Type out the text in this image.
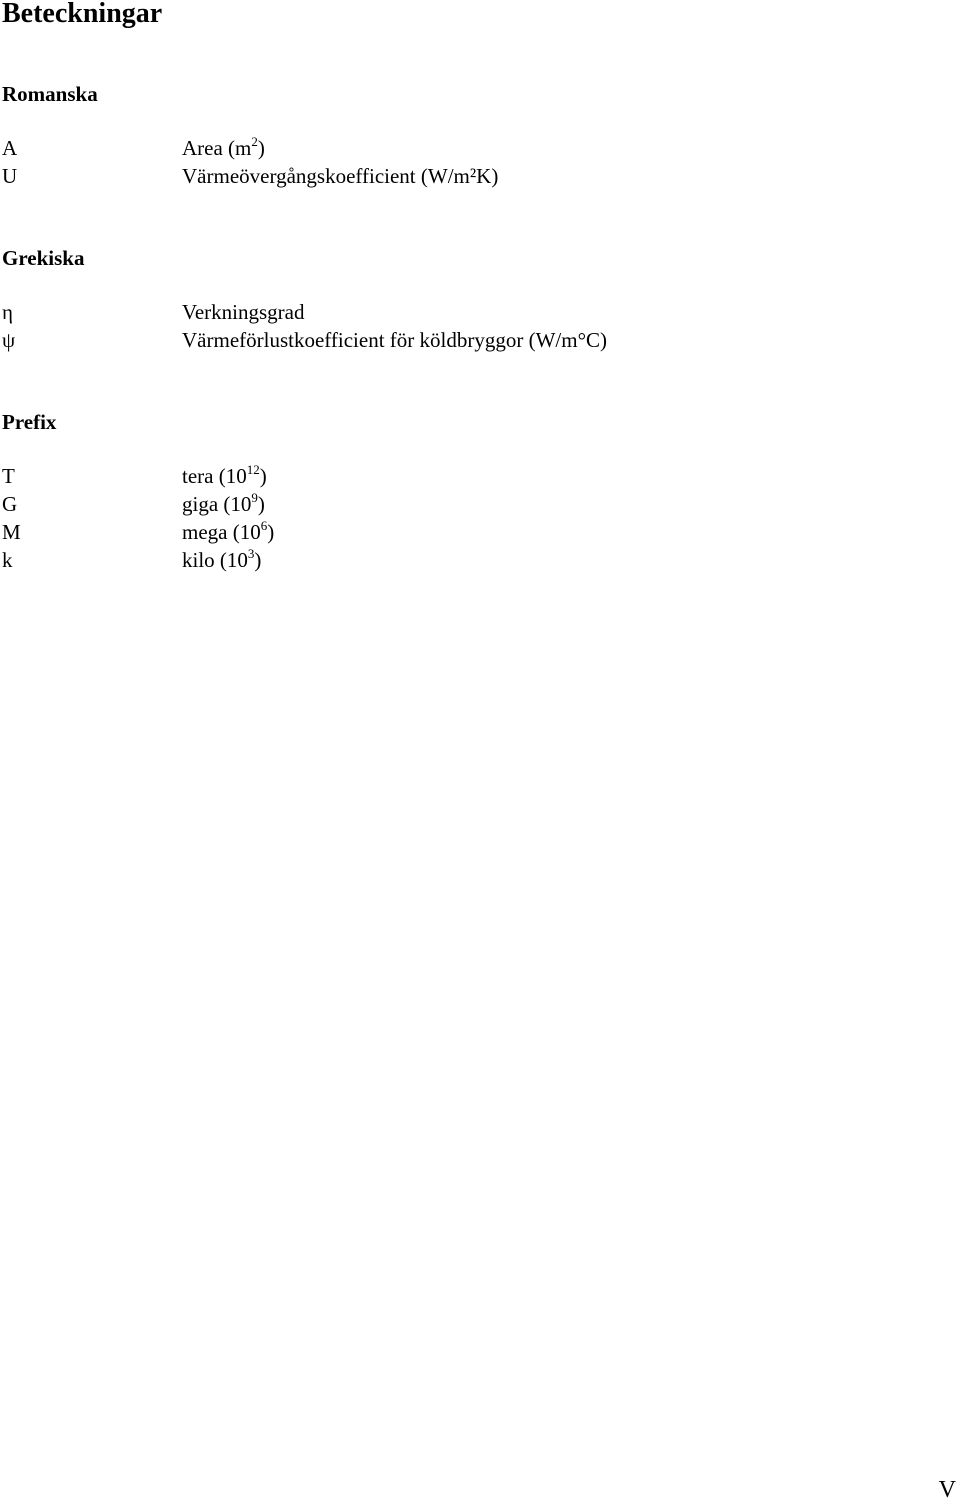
Beteckningar
Romanska
A	Area $(m^2)$
U	Värmeövergångskoefficient (W/m²K)
Grekiska
η	Verkningsgrad
ψ	Värmeförlustkoefficient för köldbryggor (W/m°C)
Prefix
T	tera $(10^{12})$
G	giga $(10^9)$
M	mega $(10^6)$
k	kilo $(10^3)$
V
